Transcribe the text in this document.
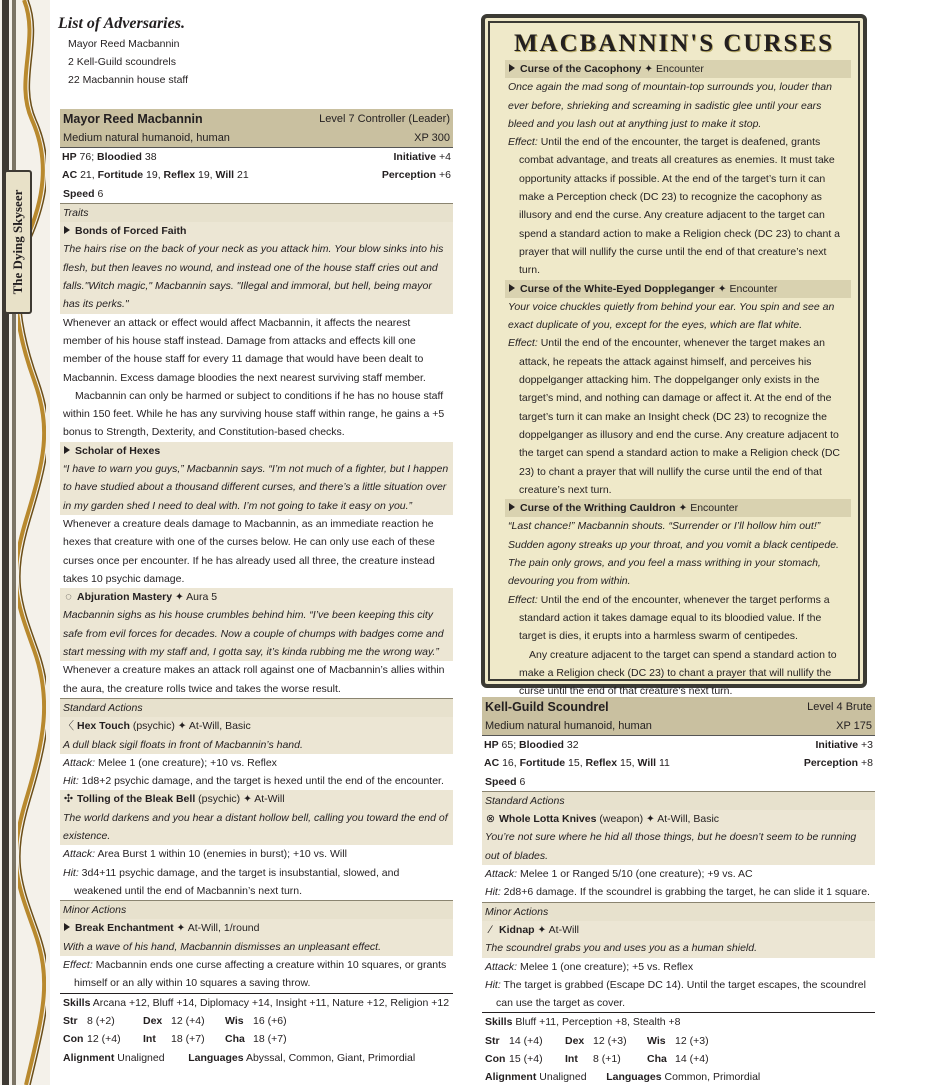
The Dying Skyseer
List of Adversaries.
Mayor Reed Macbannin
2 Kell-Guild scoundrels
22 Macbannin house staff
Mayor Reed Macbannin	Level 7 Controller (Leader)
Medium natural humanoid, human	XP 300
HP 76; Bloodied 38	Initiative +4
AC 21, Fortitude 19, Reflex 19, Will 21	Perception +6
Speed 6
Traits
Bonds of Forced Faith
The hairs rise on the back of your neck as you attack him. Your blow sinks into his flesh, but then leaves no wound, and instead one of the house staff cries out and falls."Witch magic," Macbannin says. "Illegal and immoral, but hell, being mayor has its perks."
Whenever an attack or effect would affect Macbannin, it affects the nearest member of his house staff instead. Damage from attacks and effects kill one member of the house staff for every 11 damage that would have been dealt to Macbannin. Excess damage bloodies the next nearest surviving staff member.
Macbannin can only be harmed or subject to conditions if he has no house staff within 150 feet. While he has any surviving house staff within range, he gains a +5 bonus to Strength, Dexterity, and Constitution-based checks.
Scholar of Hexes
“I have to warn you guys,” Macbannin says. “I’m not much of a fighter, but I happen to have studied about a thousand different curses, and there’s a little situation over in my garden shed I need to deal with. I’m not going to take it easy on you.”
Whenever a creature deals damage to Macbannin, as an immediate reaction he hexes that creature with one of the curses below. He can only use each of these curses once per encounter. If he has already used all three, the creature instead takes 10 psychic damage.
◌ Abjuration Mastery ✦ Aura 5
Macbannin sighs as his house crumbles behind him. “I’ve been keeping this city safe from evil forces for decades. Now a couple of chumps with badges come and start messing with my staff and, I gotta say, it’s kinda rubbing me the wrong way.”
Whenever a creature makes an attack roll against one of Macbannin’s allies within the aura, the creature rolls twice and takes the worse result.
Standard Actions
〈 Hex Touch (psychic) ✦ At-Will, Basic
A dull black sigil floats in front of Macbannin’s hand.
Attack: Melee 1 (one creature); +10 vs. Reflex
Hit: 1d8+2 psychic damage, and the target is hexed until the end of the encounter.
✣ Tolling of the Bleak Bell (psychic) ✦ At-Will
The world darkens and you hear a distant hollow bell, calling you toward the end of existence.
Attack: Area Burst 1 within 10 (enemies in burst); +10 vs. Will
Hit: 3d4+11 psychic damage, and the target is insubstantial, slowed, and weakened until the end of Macbannin’s next turn.
Minor Actions
Break Enchantment ✦ At-Will, 1/round
With a wave of his hand, Macbannin dismisses an unpleasant effect.
Effect: Macbannin ends one curse affecting a creature within 10 squares, or grants himself or an ally within 10 squares a saving throw.
Skills Arcana +12, Bluff +14, Diplomacy +14, Insight +11, Nature +12, Religion +12
Str 8 (+2)	Dex 12 (+4) Wis 16 (+6)
Con 12 (+4) Int 18 (+7) Cha 18 (+7)
Alignment Unaligned Languages Abyssal, Common, Giant, Primordial
MACBANNIN'S CURSES
Curse of the Cacophony ✦ Encounter
Once again the mad song of mountain-top surrounds you, louder than ever before, shrieking and screaming in sadistic glee until your ears bleed and you lash out at anything just to make it stop.
Effect: Until the end of the encounter, the target is deafened, grants combat advantage, and treats all creatures as enemies. It must take opportunity attacks if possible. At the end of the target’s turn it can make a Perception check (DC 23) to recognize the cacophony as illusory and end the curse. Any creature adjacent to the target can spend a standard action to make a Religion check (DC 23) to chant a prayer that will nullify the curse until the end of that creature’s next turn.
Curse of the White-Eyed Doppleganger ✦ Encounter
Your voice chuckles quietly from behind your ear. You spin and see an exact duplicate of you, except for the eyes, which are flat white.
Effect: Until the end of the encounter, whenever the target makes an attack, he repeats the attack against himself, and perceives his doppelganger attacking him. The doppelganger only exists in the target’s mind, and nothing can damage or affect it. At the end of the target’s turn it can make an Insight check (DC 23) to recognize the doppelganger as illusory and end the curse. Any creature adjacent to the target can spend a standard action to make a Religion check (DC 23) to chant a prayer that will nullify the curse until the end of that creature’s next turn.
Curse of the Writhing Cauldron ✦ Encounter
“Last chance!” Macbannin shouts. “Surrender or I’ll hollow him out!” Sudden agony streaks up your throat, and you vomit a black centipede. The pain only grows, and you feel a mass writhing in your stomach, devouring you from within.
Effect: Until the end of the encounter, whenever the target performs a standard action it takes damage equal to its bloodied value. If the target is dies, it erupts into a harmless swarm of centipedes.
Any creature adjacent to the target can spend a standard action to make a Religion check (DC 23) to chant a prayer that will nullify the curse until the end of that creature’s next turn.
Kell-Guild Scoundrel	Level 4 Brute
Medium natural humanoid, human	XP 175
HP 65; Bloodied 32	Initiative +3
AC 16, Fortitude 15, Reflex 15, Will 11	Perception +8
Speed 6
Standard Actions
⊗ Whole Lotta Knives (weapon) ✦ At-Will, Basic
You’re not sure where he hid all those things, but he doesn’t seem to be running out of blades.
Attack: Melee 1 or Ranged 5/10 (one creature); +9 vs. AC
Hit: 2d8+6 damage. If the scoundrel is grabbing the target, he can slide it 1 square.
Minor Actions
∕ Kidnap ✦ At-Will
The scoundrel grabs you and uses you as a human shield.
Attack: Melee 1 (one creature); +5 vs. Reflex
Hit: The target is grabbed (Escape DC 14). Until the target escapes, the scoundrel can use the target as cover.
Skills Bluff +11, Perception +8, Stealth +8
Str 14 (+4) Dex 12 (+3) Wis 12 (+3)
Con 15 (+4) Int 8 (+1)	Cha 14 (+4)
Alignment Unaligned Languages Common, Primordial
